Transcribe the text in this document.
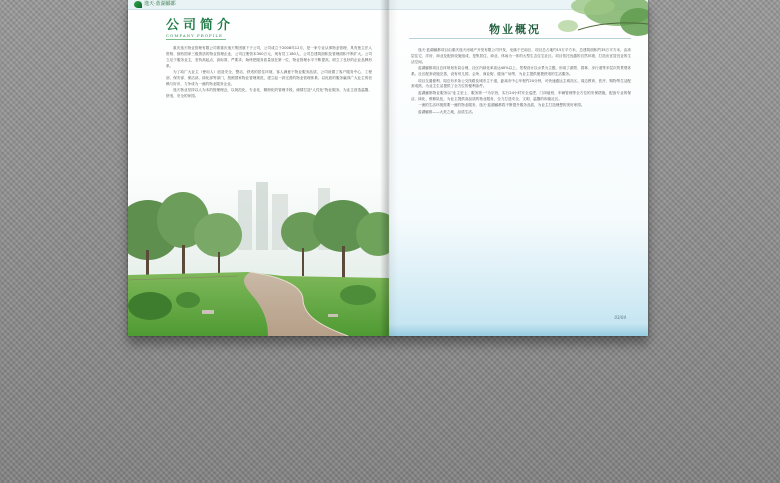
逸天·蓝湖郦都
公司简介
COMPANY PROFILE

重庆逸天物业管理有限公司系重庆逸天集团旗下子公司，公司成立于2008年12月，是一家专业从事物业管理、具有独立法人资格、拥有国家三级资质的物业管理企业，公司注册资本300万元，现有员工180人，公司总建筑面积及管理面积不断扩大。公司立足于服务业主，坚持高起点、高标准、严要求，始终把服务质量放在第一位，物业管理水平不断提高，树立了良好的企业品牌形象。

为了给广大业主（使用人）创造安全、整洁、舒适的居住环境，客人满意于物业服务品质，公司设置了客户服务中心、工程部、保安部、保洁部、绿化部等部门，按照国家物业管理规范，建立起一套完善的物业管理体系，以优质的服务赢得广大业主的信赖与好评，力争成为一流的物业服务企业。

逸天物业坚持以人为本的管理理念，以规范化、专业化、精细化的管理手段，倾情打造"人性化"物业服务，为业主营造温馨、舒适、安全的家园。

物业概况

逸天·蓝湖郦都项目由重庆逸天房地产开发有限公司开发，坐落于巴南区，项目总占地约15万平方米，总建筑面积约35万平方米，由高层住宅、洋房、商业及配套设施组成，是集居住、商业、休闲为一体的大型生态住宅社区。项目依托优越的自然环境，打造出宜居宜业的生活空间。

蓝湖郦都项目总体规划布局合理，社区内绿化率高达40%以上，景观设计以水景为主题，形成了湖景、园林、步行道等多层次的景观体系。社区配套设施完善，设有幼儿园、会所、商业街、健身广场等，为业主提供便捷舒适的生活服务。

项目交通便利，周边有多条公交线路及城市主干道，距离市中心车程约20分钟，可快速通达主城各区。周边教育、医疗、购物等生活配套成熟，为业主生活提供了全方位的便利条件。

蓝湖郦都物业服务以"业主至上、服务第一"为宗旨，实行24小时安全巡逻、门岗值班、车辆管理等全方位的安保措施，配备专业的保洁、绿化、维修队伍，为业主提供高品质的物业服务，全力打造安全、文明、温馨的和谐社区。

一流的生活环境需要一流的物业服务，逸天·蓝湖郦都将不断提升服务品质，为业主打造理想的美好家园。

蓝湖郦都——大美之地，品质生活。

03/04
